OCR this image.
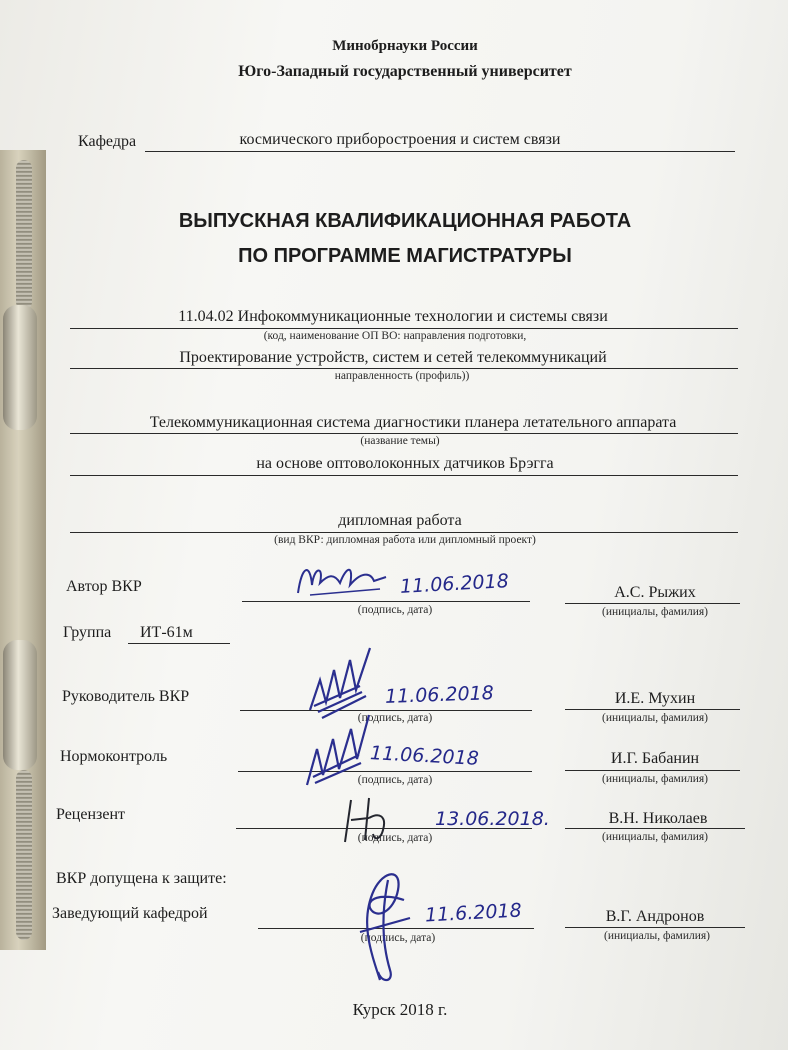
Минобрнауки России
Юго-Западный государственный университет
Кафедра	космического приборостроения и систем связи
ВЫПУСКНАЯ КВАЛИФИКАЦИОННАЯ РАБОТА
ПО ПРОГРАММЕ МАГИСТРАТУРЫ
11.04.02 Инфокоммуникационные технологии и системы связи
(код, наименование ОП ВО: направления подготовки,
Проектирование устройств, систем и сетей телекоммуникаций
направленность (профиль))
Телекоммуникационная система диагностики планера летательного аппарата
(название темы)
на основе оптоволоконных датчиков Брэгга
дипломная работа
(вид ВКР: дипломная работа или дипломный проект)
Автор ВКР	11.06.2018
(подпись, дата)
А.С. Рыжих
(инициалы, фамилия)
Группа ИТ-61м
Руководитель ВКР	11.06.2018
(подпись, дата)
И.Е. Мухин
(инициалы, фамилия)
Нормоконтроль	11.06.2018
(подпись, дата)
И.Г. Бабанин
(инициалы, фамилия)
Рецензент	13.06.2018.
(подпись, дата)
В.Н. Николаев
(инициалы, фамилия)
ВКР допущена к защите:
Заведующий кафедрой	11.6.2018
(подпись, дата)
В.Г. Андронов
(инициалы, фамилия)
Курск 2018 г.
